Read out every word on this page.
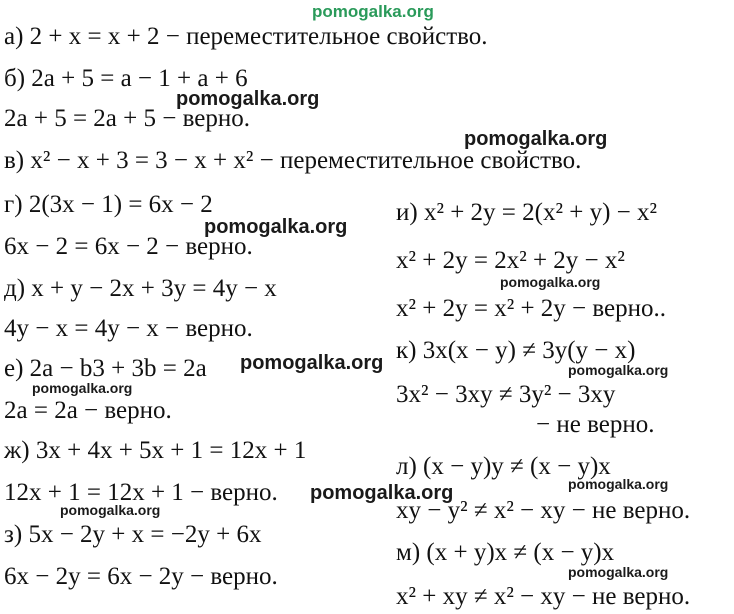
pomogalka.org
а) 2 + x = x + 2 − переместительное свойство.
б) 2a + 5 = a − 1 + a + 6
2a + 5 = 2a + 5 − верно.
в) x² − x + 3 = 3 − x + x² − переместительное свойство.
г) 2(3x − 1) = 6x − 2
6x − 2 = 6x − 2 − верно.
д) x + y − 2x + 3y = 4y − x
4y − x = 4y − x − верно.
е) 2a − b3 + 3b = 2a
2a = 2a − верно.
ж) 3x + 4x + 5x + 1 = 12x + 1
12x + 1 = 12x + 1 − верно.
з) 5x − 2y + x = −2y + 6x
6x − 2y = 6x − 2y − верно.
и) x² + 2y = 2(x² + y) − x²
x² + 2y = 2x² + 2y − x²
x² + 2y = x² + 2y − верно..
к) 3x(x − y) ≠ 3y(y − x)
3x² − 3xy ≠ 3y² − 3xy
− не верно.
л) (x − y)y ≠ (x − y)x
xy − y² ≠ x² − xy − не верно.
м) (x + y)x ≠ (x − y)x
x² + xy ≠ x² − xy − не верно.
pomogalka.org
pomogalka.org
pomogalka.org
pomogalka.org
pomogalka.org
pomogalka.org
pomogalka.org
pomogalka.org
pomogalka.org
pomogalka.org
pomogalka.org
